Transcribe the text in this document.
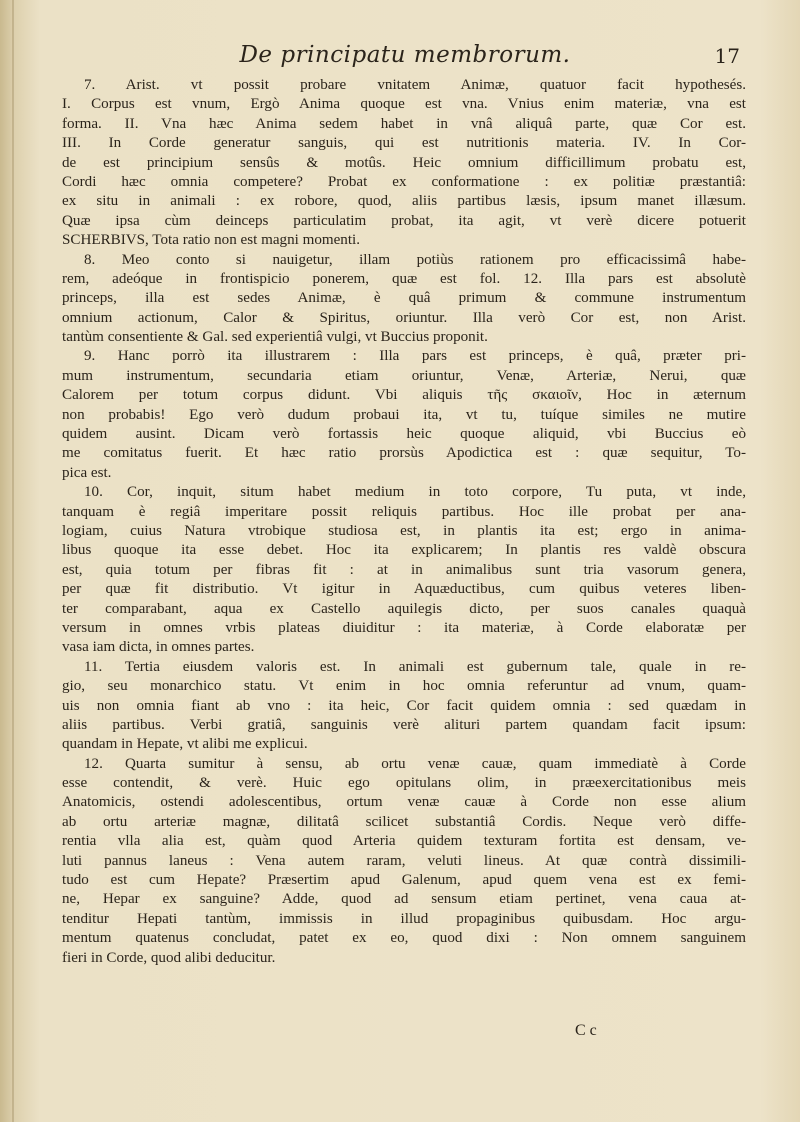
De principatu membrorum.	17
7. Arist. vt possit probare vnitatem Animæ, quatuor facit hypothesés.
I. Corpus est vnum, Ergò Anima quoque est vna. Vnius enim materiæ, vna est
forma. II. Vna hæc Anima sedem habet in vnâ aliquâ parte, quæ Cor est.
III. In Corde generatur sanguis, qui est nutritionis materia. IV. In Cor-
de est principium sensûs & motûs. Heic omnium difficillimum probatu est,
Cordi hæc omnia competere? Probat ex conformatione : ex politiæ præstantiâ:
ex situ in animali : ex robore, quod, aliis partibus læsis, ipsum manet illæsum.
Quæ ipsa cùm deinceps particulatim probat, ita agit, vt verè dicere potuerit
SCHERBIVS, Tota ratio non est magni momenti.
8. Meo conto si nauigetur, illam potiùs rationem pro efficacissimâ habe-
rem, adeóque in frontispicio ponerem, quæ est fol. 12. Illa pars est absolutè
princeps, illa est sedes Animæ, è quâ primum & commune instrumentum
omnium actionum, Calor & Spiritus, oriuntur. Illa verò Cor est, non Arist.
tantùm consentiente & Gal. sed experientiâ vulgi, vt Buccius proponit.
9. Hanc porrò ita illustrarem : Illa pars est princeps, è quâ, præter pri-
mum instrumentum, secundaria etiam oriuntur, Venæ, Arteriæ, Nerui, quæ
Calorem per totum corpus didunt. Vbi aliquis τῆς σκαιοῖν, Hoc in æternum
non probabis! Ego verò dudum probaui ita, vt tu, tuíque similes ne mutire
quidem ausint. Dicam verò fortassis heic quoque aliquid, vbi Buccius eò
me comitatus fuerit. Et hæc ratio prorsùs Apodictica est : quæ sequitur, To-
pica est.
10. Cor, inquit, situm habet medium in toto corpore, Tu puta, vt inde,
tanquam è regiâ imperitare possit reliquis partibus. Hoc ille probat per ana-
logiam, cuius Natura vtrobique studiosa est, in plantis ita est; ergo in anima-
libus quoque ita esse debet. Hoc ita explicarem; In plantis res valdè obscura
est, quia totum per fibras fit : at in animalibus sunt tria vasorum genera,
per quæ fit distributio. Vt igitur in Aquæductibus, cum quibus veteres liben-
ter comparabant, aqua ex Castello aquilegis dicto, per suos canales quaquà
versum in omnes vrbis plateas diuiditur : ita materiæ, à Corde elaboratæ per
vasa iam dicta, in omnes partes.
11. Tertia eiusdem valoris est. In animali est gubernum tale, quale in re-
gio, seu monarchico statu. Vt enim in hoc omnia referuntur ad vnum, quam-
uis non omnia fiant ab vno : ita heic, Cor facit quidem omnia : sed quædam in
aliis partibus. Verbi gratiâ, sanguinis verè alituri partem quandam facit ipsum:
quandam in Hepate, vt alibi me explicui.
12. Quarta sumitur à sensu, ab ortu venæ cauæ, quam immediatè à Corde
esse contendit, & verè. Huic ego opitulans olim, in præexercitationibus meis
Anatomicis, ostendi adolescentibus, ortum venæ cauæ à Corde non esse alium
ab ortu arteriæ magnæ, dilitatâ scilicet substantiâ Cordis. Neque verò diffe-
rentia vlla alia est, quàm quod Arteria quidem texturam fortita est densam, ve-
luti pannus laneus : Vena autem raram, veluti lineus. At quæ contrà dissimili-
tudo est cum Hepate? Præsertim apud Galenum, apud quem vena est ex femi-
ne, Hepar ex sanguine? Adde, quod ad sensum etiam pertinet, vena caua at-
tenditur Hepati tantùm, immissis in illud propaginibus quibusdam. Hoc argu-
mentum quatenus concludat, patet ex eo, quod dixi : Non omnem sanguinem
fieri in Corde, quod alibi deducitur.
C c
